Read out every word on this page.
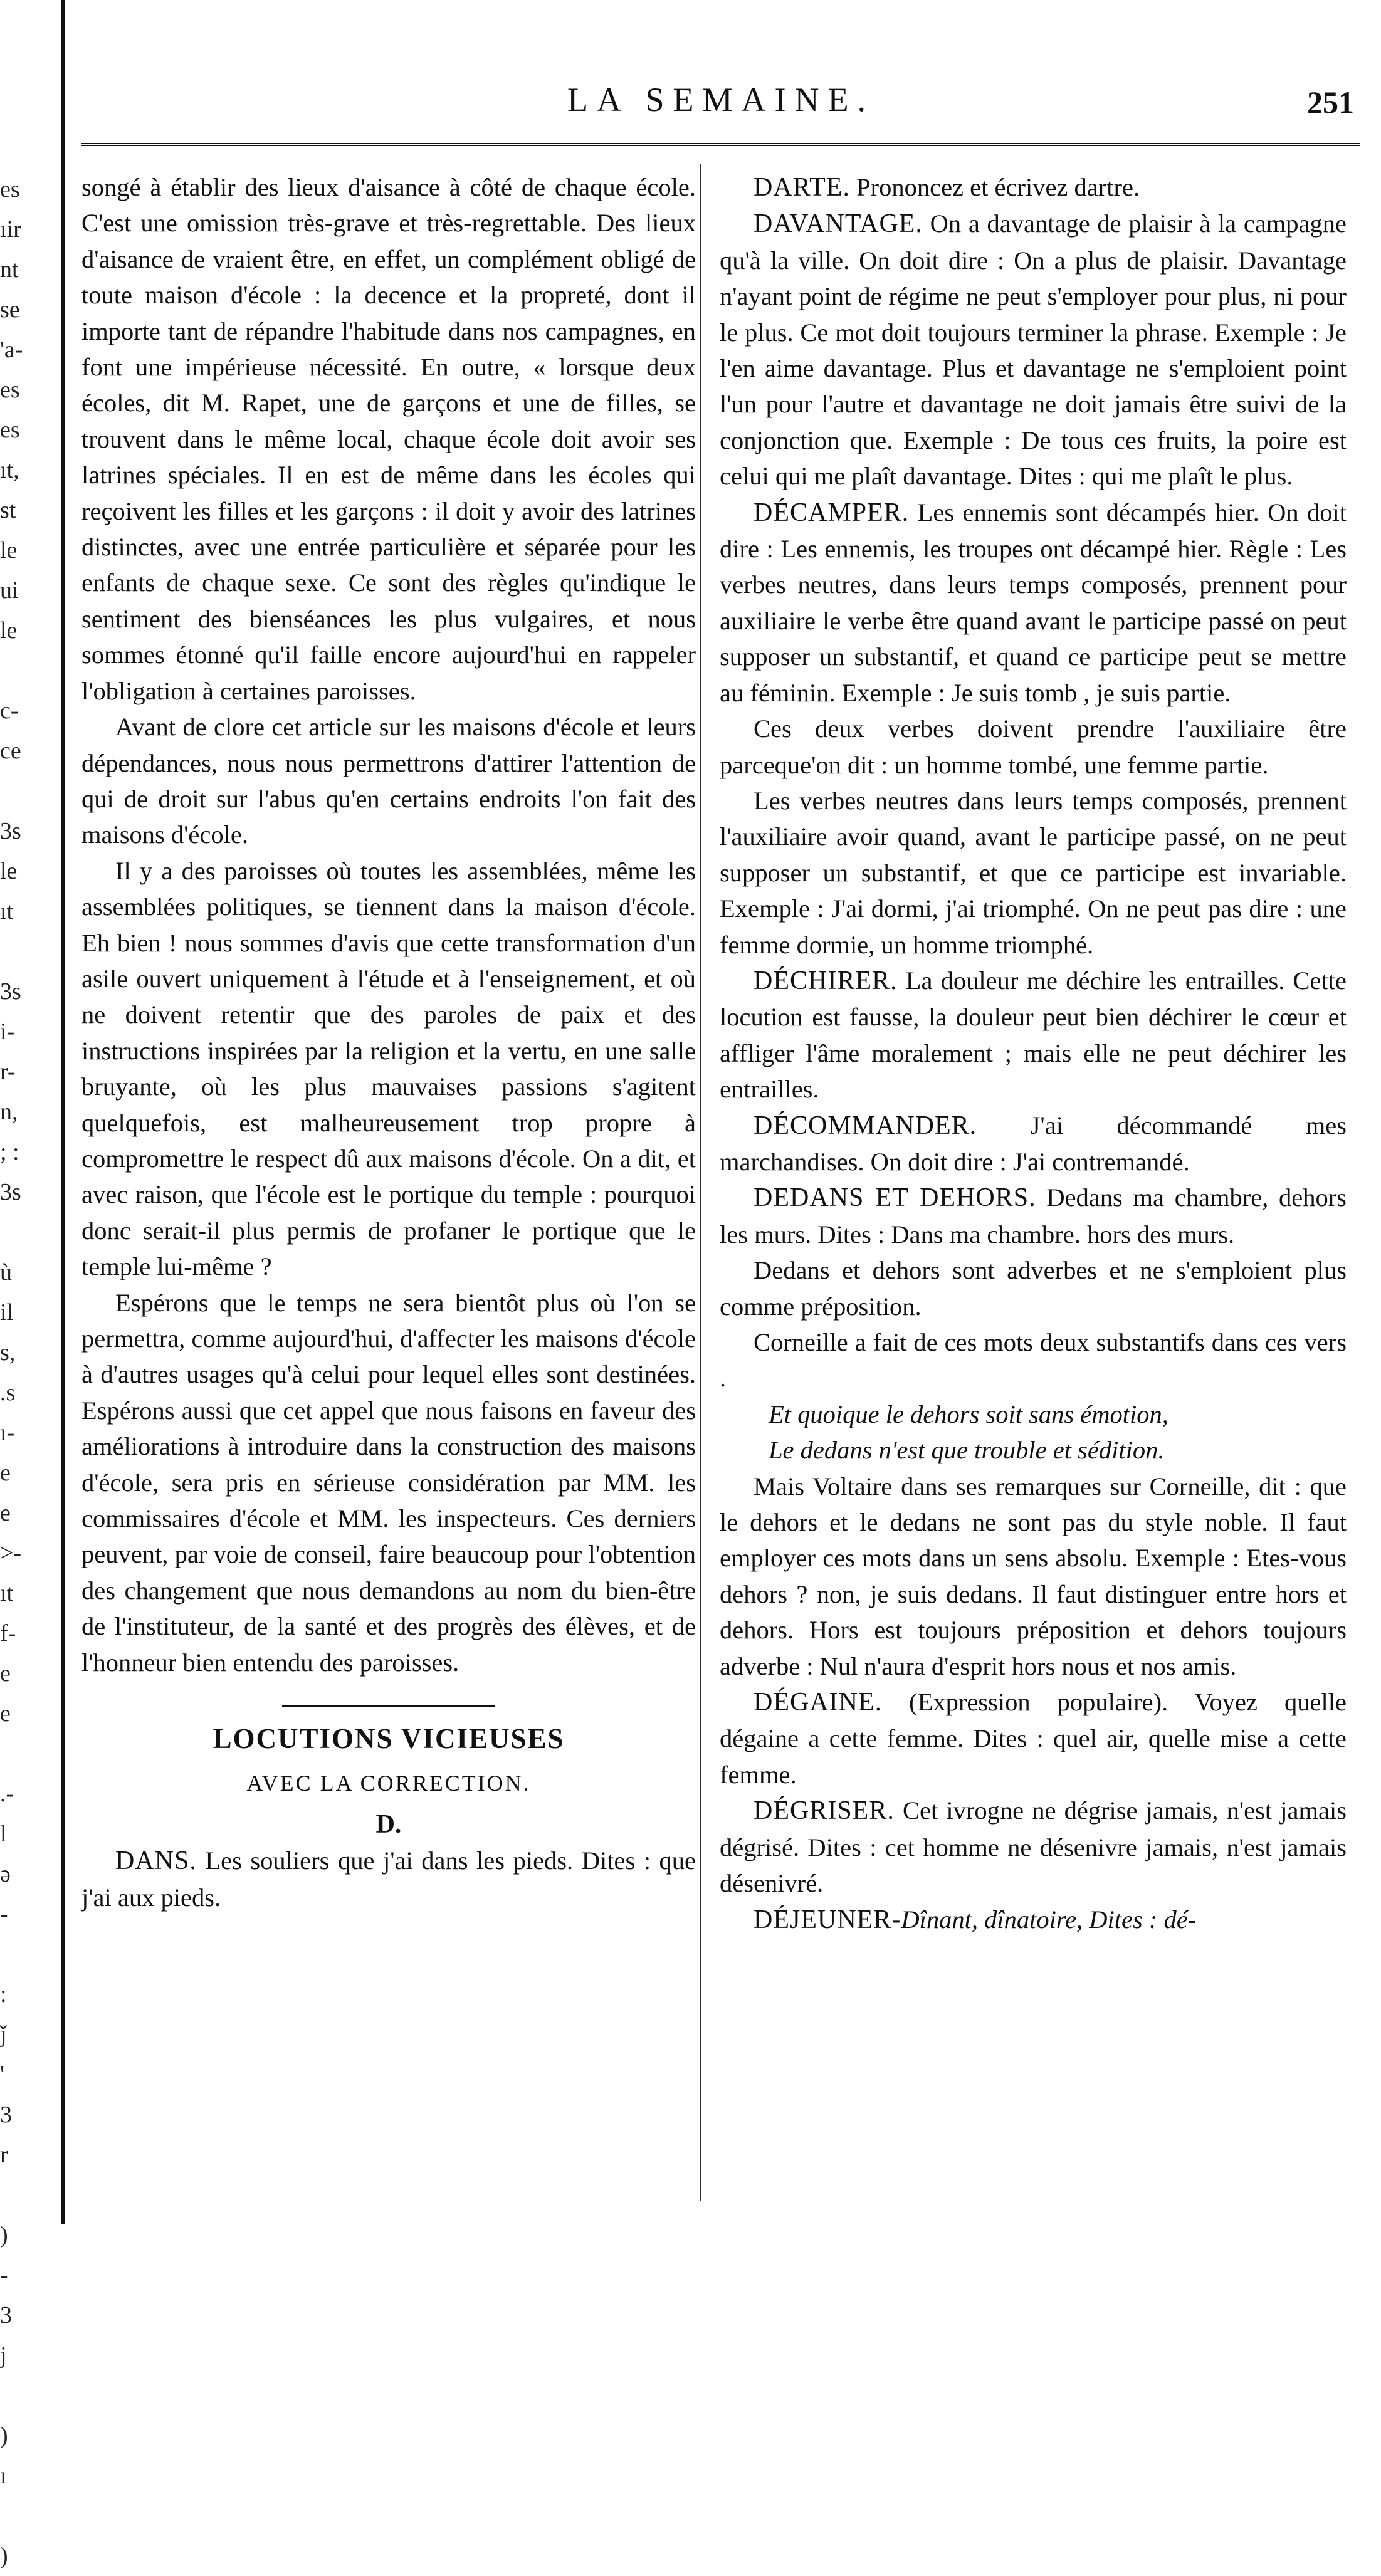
es
ıir
nt
se
'a-
es
es
ıt,
st
le
ui
le

c-
ce

3s
le
ıt

3s
i-
r-
n,
; :
3s

ù
il
s,
.s
ı-
e
e
>-
ıt
f-
e
e

.-
l
ə
-

:
ǰ
'
3
r

)
-
3
j

)
ı

)
LA SEMAINE.	251

songé à établir des lieux d'aisance à côté de chaque école. C'est une omission très-grave et très-regrettable. Des lieux d'aisance de vraient être, en effet, un complément obligé de toute maison d'école : la decence et la propreté, dont il importe tant de répandre l'habitude dans nos campagnes, en font une impérieuse nécessité. En outre, « lorsque deux écoles, dit M. Rapet, une de garçons et une de filles, se trouvent dans le même local, chaque école doit avoir ses latrines spéciales. Il en est de même dans les écoles qui reçoivent les filles et les garçons : il doit y avoir des latrines distinctes, avec une entrée particulière et séparée pour les enfants de chaque sexe. Ce sont des règles qu'indique le sentiment des bienséances les plus vulgaires, et nous sommes étonné qu'il faille encore aujourd'hui en rappeler l'obligation à certaines paroisses.

Avant de clore cet article sur les maisons d'école et leurs dépendances, nous nous permettrons d'attirer l'attention de qui de droit sur l'abus qu'en certains endroits l'on fait des maisons d'école.

Il y a des paroisses où toutes les assemblées, même les assemblées politiques, se tiennent dans la maison d'école. Eh bien ! nous sommes d'avis que cette transformation d'un asile ouvert uniquement à l'étude et à l'enseignement, et où ne doivent retentir que des paroles de paix et des instructions inspirées par la religion et la vertu, en une salle bruyante, où les plus mauvaises passions s'agitent quelquefois, est malheureusement trop propre à compromettre le respect dû aux maisons d'école. On a dit, et avec raison, que l'école est le portique du temple : pourquoi donc serait-il plus permis de profaner le portique que le temple lui-même ?

Espérons que le temps ne sera bientôt plus où l'on se permettra, comme aujourd'hui, d'affecter les maisons d'école à d'autres usages qu'à celui pour lequel elles sont destinées. Espérons aussi que cet appel que nous faisons en faveur des améliorations à introduire dans la construction des maisons d'école, sera pris en sérieuse considération par MM. les commissaires d'école et MM. les inspecteurs. Ces derniers peuvent, par voie de conseil, faire beaucoup pour l'obtention des changement que nous demandons au nom du bien-être de l'instituteur, de la santé et des progrès des élèves, et de l'honneur bien entendu des paroisses.

LOCUTIONS VICIEUSES
AVEC LA CORRECTION.
D.

DANS. Les souliers que j'ai dans les pieds. Dites : que j'ai aux pieds.

DARTE. Prononcez et écrivez dartre.

DAVANTAGE. On a davantage de plaisir à la campagne qu'à la ville. On doit dire : On a plus de plaisir. Davantage n'ayant point de régime ne peut s'employer pour plus, ni pour le plus. Ce mot doit toujours terminer la phrase. Exemple : Je l'en aime davantage. Plus et davantage ne s'emploient point l'un pour l'autre et davantage ne doit jamais être suivi de la conjonction que. Exemple : De tous ces fruits, la poire est celui qui me plaît davantage. Dites : qui me plaît le plus.

DÉCAMPER. Les ennemis sont décampés hier. On doit dire : Les ennemis, les troupes ont décampé hier. Règle : Les verbes neutres, dans leurs temps composés, prennent pour auxiliaire le verbe être quand avant le participe passé on peut supposer un substantif, et quand ce participe peut se mettre au féminin. Exemple : Je suis tomb , je suis partie.

Ces deux verbes doivent prendre l'auxiliaire être parceque'on dit : un homme tombé, une femme partie.

Les verbes neutres dans leurs temps composés, prennent l'auxiliaire avoir quand, avant le participe passé, on ne peut supposer un substantif, et que ce participe est invariable. Exemple : J'ai dormi, j'ai triomphé. On ne peut pas dire : une femme dormie, un homme triomphé.

DÉCHIRER. La douleur me déchire les entrailles. Cette locution est fausse, la douleur peut bien déchirer le cœur et affliger l'âme moralement ; mais elle ne peut déchirer les entrailles.

DÉCOMMANDER. J'ai décommandé mes marchandises. On doit dire : J'ai contremandé.

DEDANS ET DEHORS. Dedans ma chambre, dehors les murs. Dites : Dans ma chambre. hors des murs.

Dedans et dehors sont adverbes et ne s'emploient plus comme préposition.

Corneille a fait de ces mots deux substantifs dans ces vers .

Et quoique le dehors soit sans émotion,

Le dedans n'est que trouble et sédition.

Mais Voltaire dans ses remarques sur Corneille, dit : que le dehors et le dedans ne sont pas du style noble. Il faut employer ces mots dans un sens absolu. Exemple : Etes-vous dehors ? non, je suis dedans. Il faut distinguer entre hors et dehors. Hors est toujours préposition et dehors toujours adverbe : Nul n'aura d'esprit hors nous et nos amis.

DÉGAINE. (Expression populaire). Voyez quelle dégaine a cette femme. Dites : quel air, quelle mise a cette femme.

DÉGRISER. Cet ivrogne ne dégrise jamais, n'est jamais dégrisé. Dites : cet homme ne désenivre jamais, n'est jamais désenivré.

DÉJEUNER-Dînant, dînatoire, Dites : dé-
